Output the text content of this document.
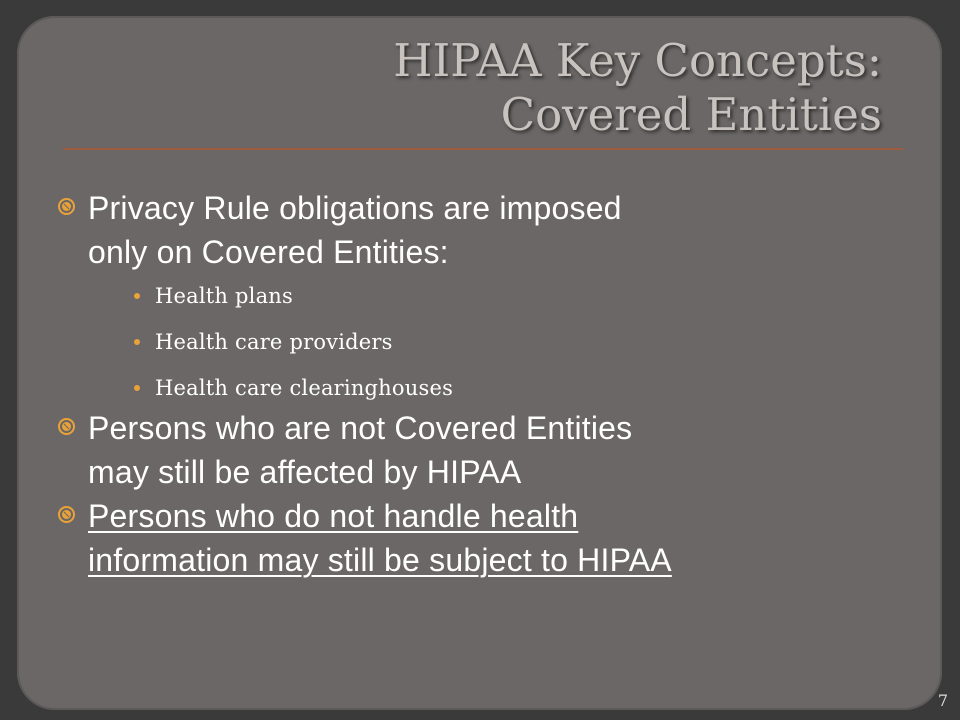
HIPAA Key Concepts:
Covered Entities
Privacy Rule obligations are imposed
only on Covered Entities:
Health plans
Health care providers
Health care clearinghouses
Persons who are not Covered Entities
may still be affected by HIPAA
Persons who do not handle health
information may still be subject to HIPAA
7
